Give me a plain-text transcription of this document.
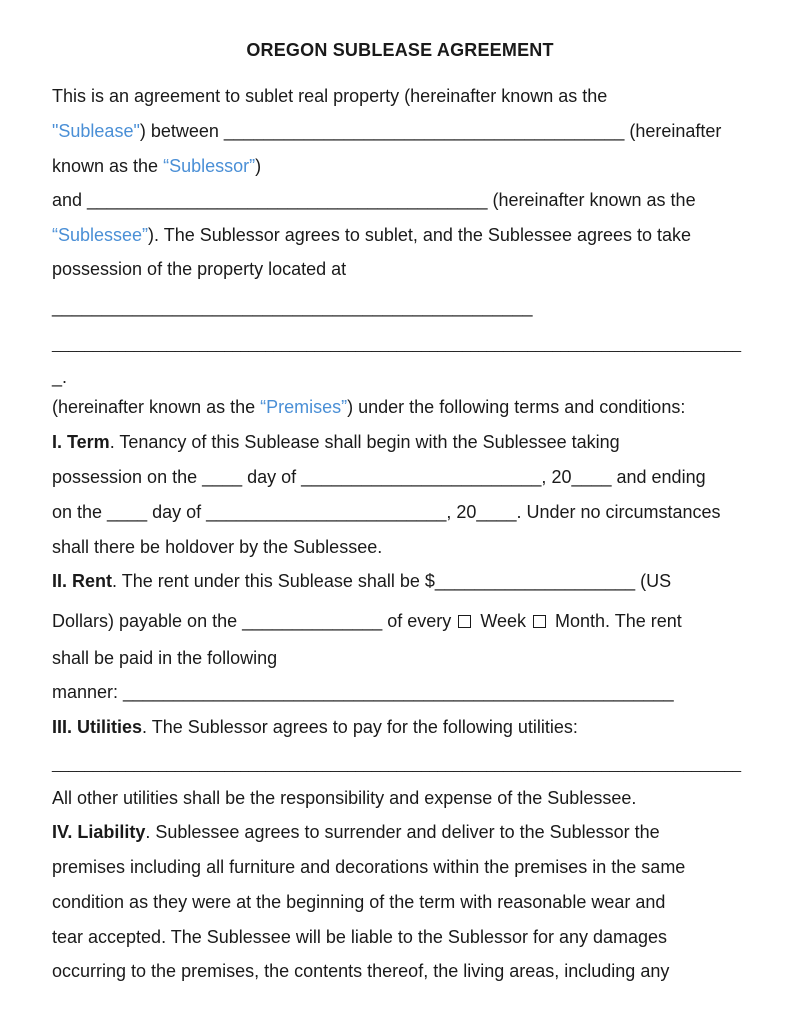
OREGON SUBLEASE AGREEMENT
This is an agreement to sublet real property (hereinafter known as the
"Sublease") between ________________________________________ (hereinafter
known as the “Sublessor”)
and ________________________________________ (hereinafter known as the
“Sublessee”). The Sublessor agrees to sublet, and the Sublessee agrees to take
possession of the property located at
________________________________________________
____________________________________________________________________________________
_.
(hereinafter known as the “Premises”) under the following terms and conditions:
I. Term. Tenancy of this Sublease shall begin with the Sublessee taking
possession on the ____ day of ________________________, 20____ and ending
on the ____ day of ________________________, 20____. Under no circumstances
shall there be holdover by the Sublessee.
II. Rent. The rent under this Sublease shall be $____________________ (US
Dollars) payable on the ______________ of every  Week Month. The rent
shall be paid in the following
manner: _______________________________________________________
III. Utilities. The Sublessor agrees to pay for the following utilities:
____________________________________________________________________________________
All other utilities shall be the responsibility and expense of the Sublessee.
IV. Liability. Sublessee agrees to surrender and deliver to the Sublessor the
premises including all furniture and decorations within the premises in the same
condition as they were at the beginning of the term with reasonable wear and
tear accepted. The Sublessee will be liable to the Sublessor for any damages
occurring to the premises, the contents thereof, the living areas, including any
